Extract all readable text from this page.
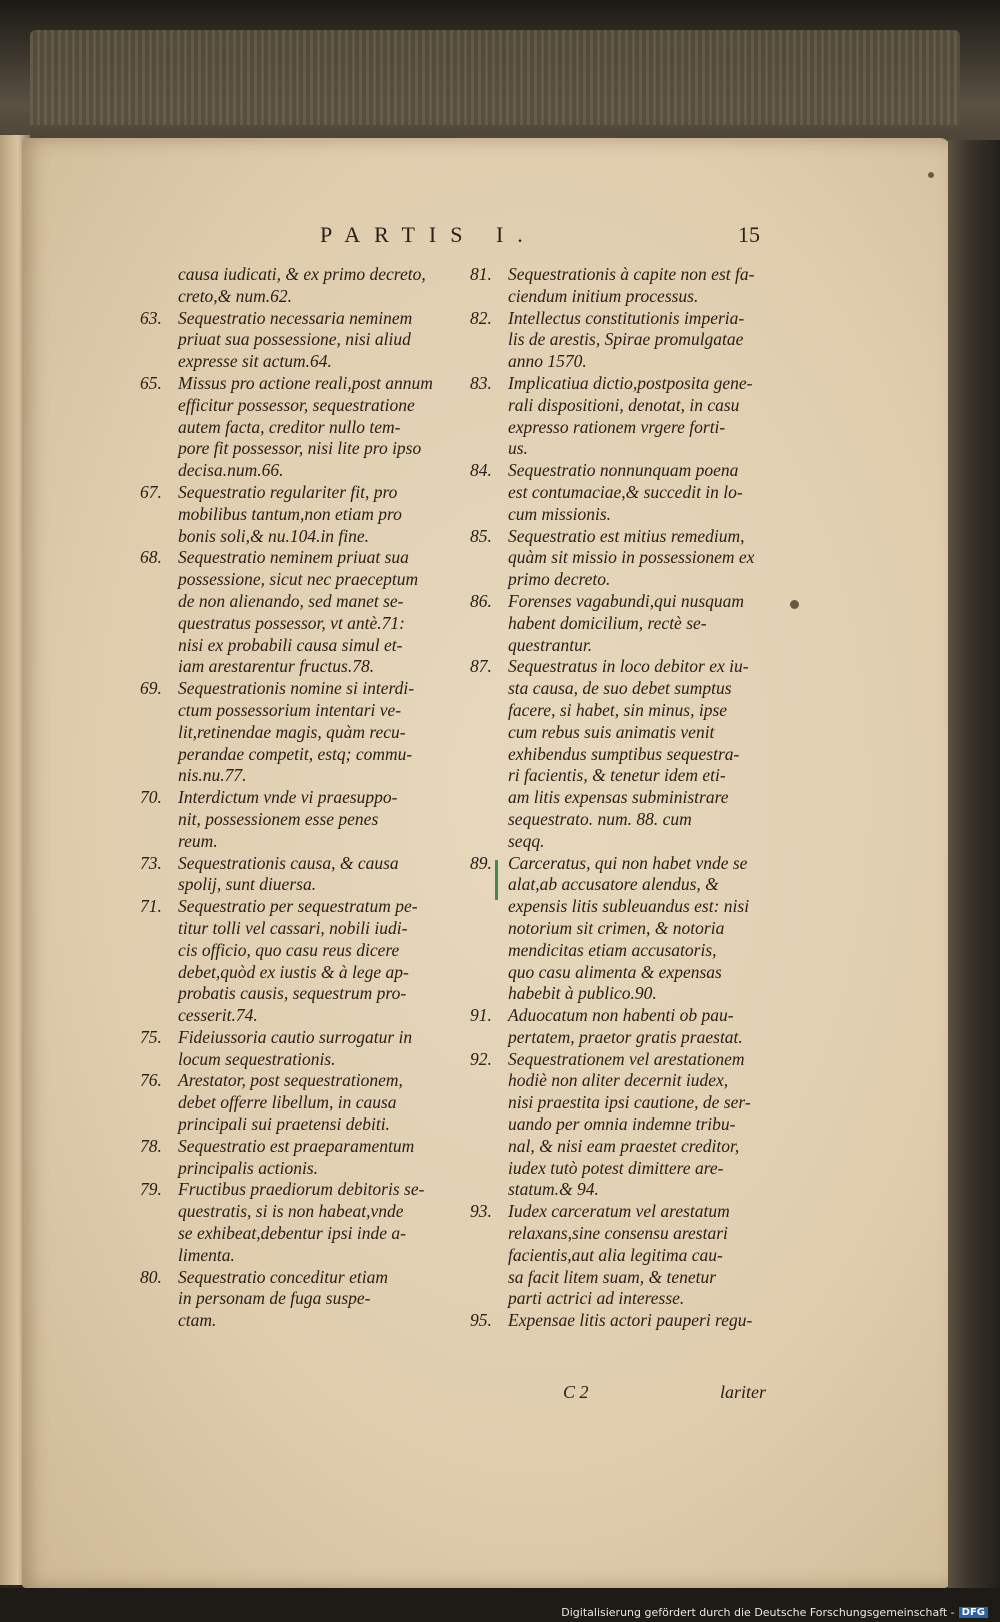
PARTIS I.	15
causa iudicati, & ex primo decreto,
creto,& num.62.
63. Sequestratio necessaria neminem
priuat sua possessione, nisi aliud
expresse sit actum.64.
65. Missus pro actione reali,post annum
efficitur possessor, sequestratione
autem facta, creditor nullo tem-
pore fit possessor, nisi lite pro ipso
decisa.num.66.
67. Sequestratio regulariter fit, pro
mobilibus tantum,non etiam pro
bonis soli,& nu.104.in fine.
68. Sequestratio neminem priuat sua
possessione, sicut nec praeceptum
de non alienando, sed manet se-
questratus possessor, vt antè.71:
nisi ex probabili causa simul et-
iam arestarentur fructus.78.
69. Sequestrationis nomine si interdi-
ctum possessorium intentari ve-
lit,retinendae magis, quàm recu-
perandae competit, estq; commu-
nis.nu.77.
70. Interdictum vnde vi praesuppo-
nit, possessionem esse penes
reum.
73. Sequestrationis causa, & causa
spolij, sunt diuersa.
71. Sequestratio per sequestratum pe-
titur tolli vel cassari, nobili iudi-
cis officio, quo casu reus dicere
debet,quòd ex iustis & à lege ap-
probatis causis, sequestrum pro-
cesserit.74.
75. Fideiussoria cautio surrogatur in
locum sequestrationis.
76. Arestator, post sequestrationem,
debet offerre libellum, in causa
principali sui praetensi debiti.
78. Sequestratio est praeparamentum
principalis actionis.
79. Fructibus praediorum debitoris se-
questratis, si is non habeat,vnde
se exhibeat,debentur ipsi inde a-
limenta.
80. Sequestratio conceditur etiam
in personam de fuga suspe-
ctam.
81. Sequestrationis à capite non est fa-
ciendum initium processus.
82. Intellectus constitutionis imperia-
lis de arestis, Spirae promulgatae
anno 1570.
83. Implicatiua dictio,postposita gene-
rali dispositioni, denotat, in casu
expresso rationem vrgere forti-
us.
84. Sequestratio nonnunquam poena
est contumaciae,& succedit in lo-
cum missionis.
85. Sequestratio est mitius remedium,
quàm sit missio in possessionem ex
primo decreto.
86. Forenses vagabundi,qui nusquam
habent domicilium, rectè se-
questrantur.
87. Sequestratus in loco debitor ex iu-
sta causa, de suo debet sumptus
facere, si habet, sin minus, ipse
cum rebus suis animatis venit
exhibendus sumptibus sequestra-
ri facientis, & tenetur idem eti-
am litis expensas subministrare
sequestrato. num. 88. cum
seqq.
89. Carceratus, qui non habet vnde se
alat,ab accusatore alendus, &
expensis litis subleuandus est: nisi
notorium sit crimen, & notoria
mendicitas etiam accusatoris,
quo casu alimenta & expensas
habebit à publico.90.
91. Aduocatum non habenti ob pau-
pertatem, praetor gratis praestat.
92. Sequestrationem vel arestationem
hodiè non aliter decernit iudex,
nisi praestita ipsi cautione, de ser-
uando per omnia indemne tribu-
nal, & nisi eam praestet creditor,
iudex tutò potest dimittere are-
statum.& 94.
93. Iudex carceratum vel arestatum
relaxans,sine consensu arestari
facientis,aut alia legitima cau-
sa facit litem suam, & tenetur
parti actrici ad interesse.
95. Expensae litis actori pauperi regu-
C 2	lariter
Digitalisierung gefördert durch die Deutsche Forschungsgemeinschaft - DFG
